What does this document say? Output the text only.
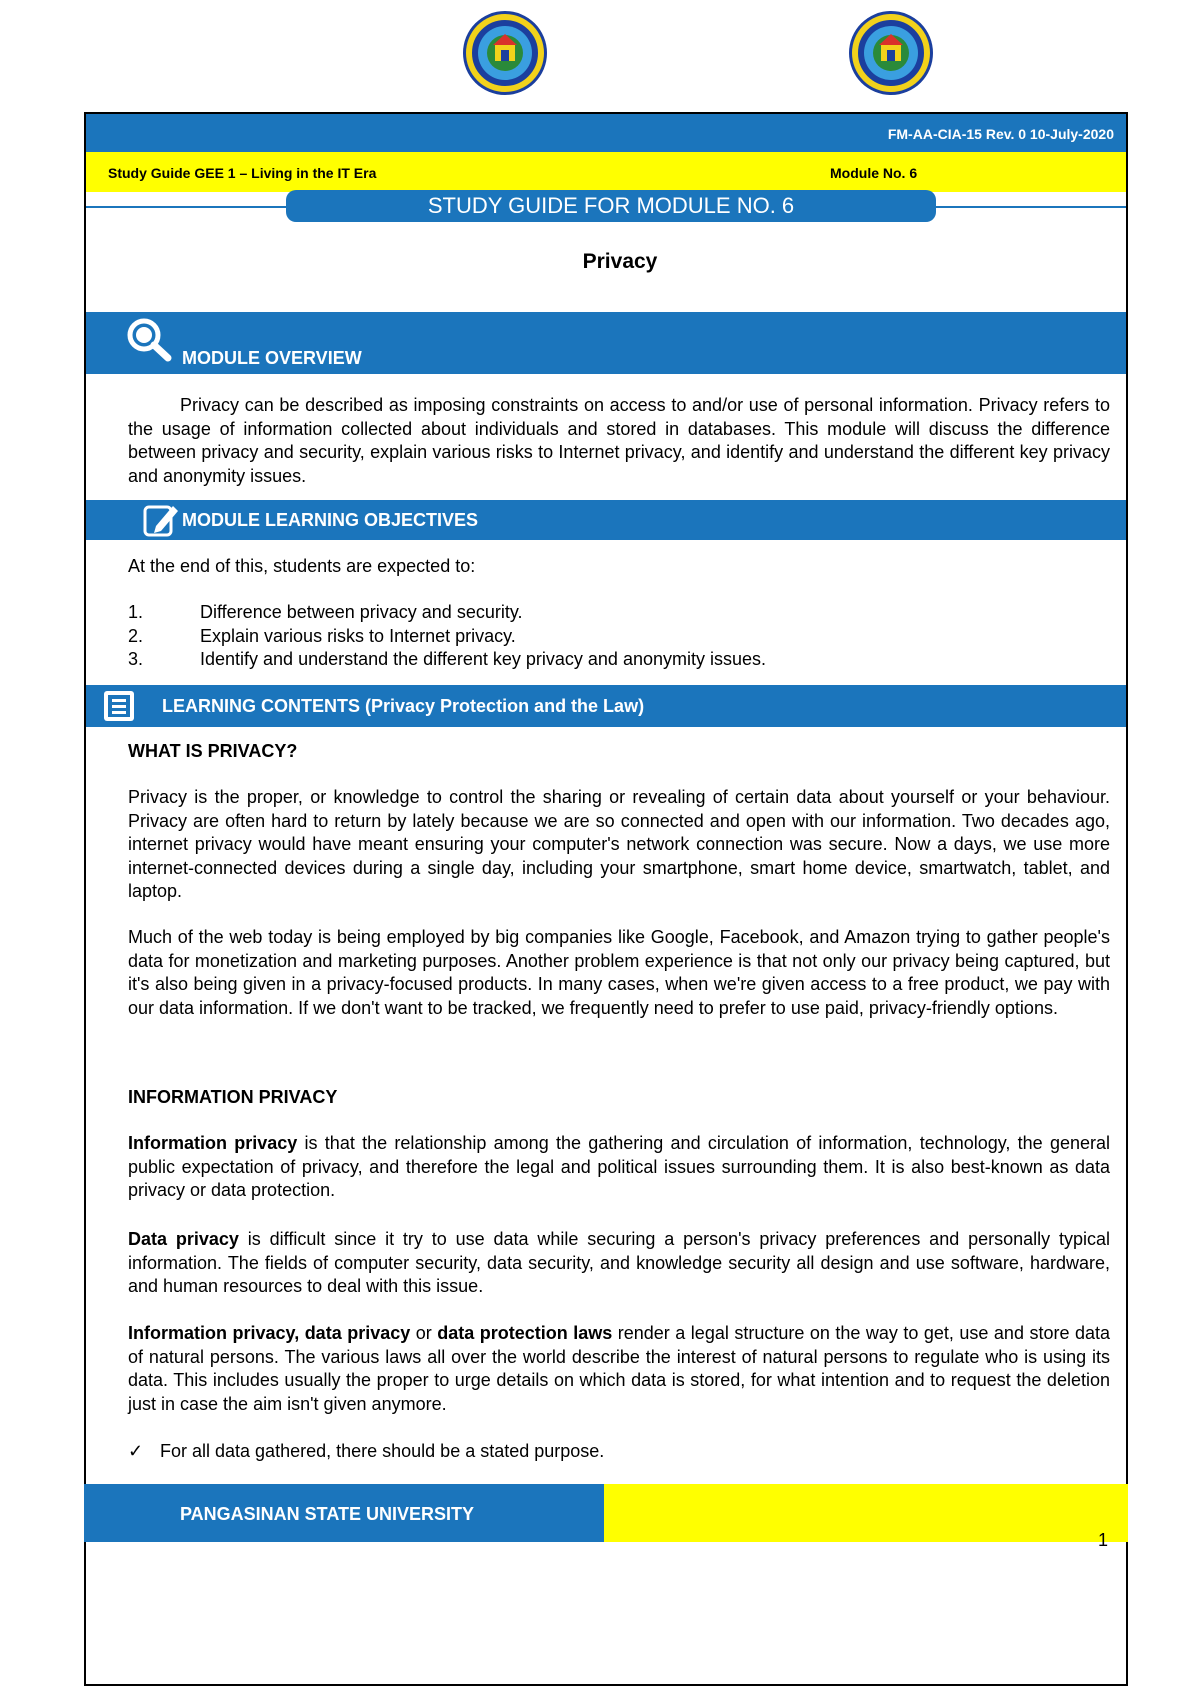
FM-AA-CIA-15 Rev. 0 10-July-2020
Study Guide GEE 1 – Living in the IT Era	Module No. 6
STUDY GUIDE FOR MODULE NO. 6
Privacy
MODULE OVERVIEW
Privacy can be described as imposing constraints on access to and/or use of personal information. Privacy refers to the usage of information collected about individuals and stored in databases. This module will discuss the difference between privacy and security, explain various risks to Internet privacy, and identify and understand the different key privacy and anonymity issues.
MODULE LEARNING OBJECTIVES
At the end of this, students are expected to:
1.	Difference between privacy and security.
2.	Explain various risks to Internet privacy.
3.	Identify and understand the different key privacy and anonymity issues.
LEARNING CONTENTS (Privacy Protection and the Law)
WHAT IS PRIVACY?
Privacy is the proper, or knowledge to control the sharing or revealing of certain data about yourself or your behaviour. Privacy are often hard to return by lately because we are so connected and open with our information. Two decades ago, internet privacy would have meant ensuring your computer's network connection was secure. Now a days, we use more internet-connected devices during a single day, including your smartphone, smart home device, smartwatch, tablet, and laptop.
Much of the web today is being employed by big companies like Google, Facebook, and Amazon trying to gather people's data for monetization and marketing purposes. Another problem experience is that not only our privacy being captured, but it's also being given in a privacy-focused products. In many cases, when we're given access to a free product, we pay with our data information. If we don't want to be tracked, we frequently need to prefer to use paid, privacy-friendly options.
INFORMATION PRIVACY
Information privacy is that the relationship among the gathering and circulation of information, technology, the general public expectation of privacy, and therefore the legal and political issues surrounding them. It is also best-known as data privacy or data protection.
Data privacy is difficult since it try to use data while securing a person's privacy preferences and personally typical information. The fields of computer security, data security, and knowledge security all design and use software, hardware, and human resources to deal with this issue.
Information privacy, data privacy or data protection laws render a legal structure on the way to get, use and store data of natural persons. The various laws all over the world describe the interest of natural persons to regulate who is using its data. This includes usually the proper to urge details on which data is stored, for what intention and to request the deletion just in case the aim isn't given anymore.
✓ For all data gathered, there should be a stated purpose.
PANGASINAN STATE UNIVERSITY
1
